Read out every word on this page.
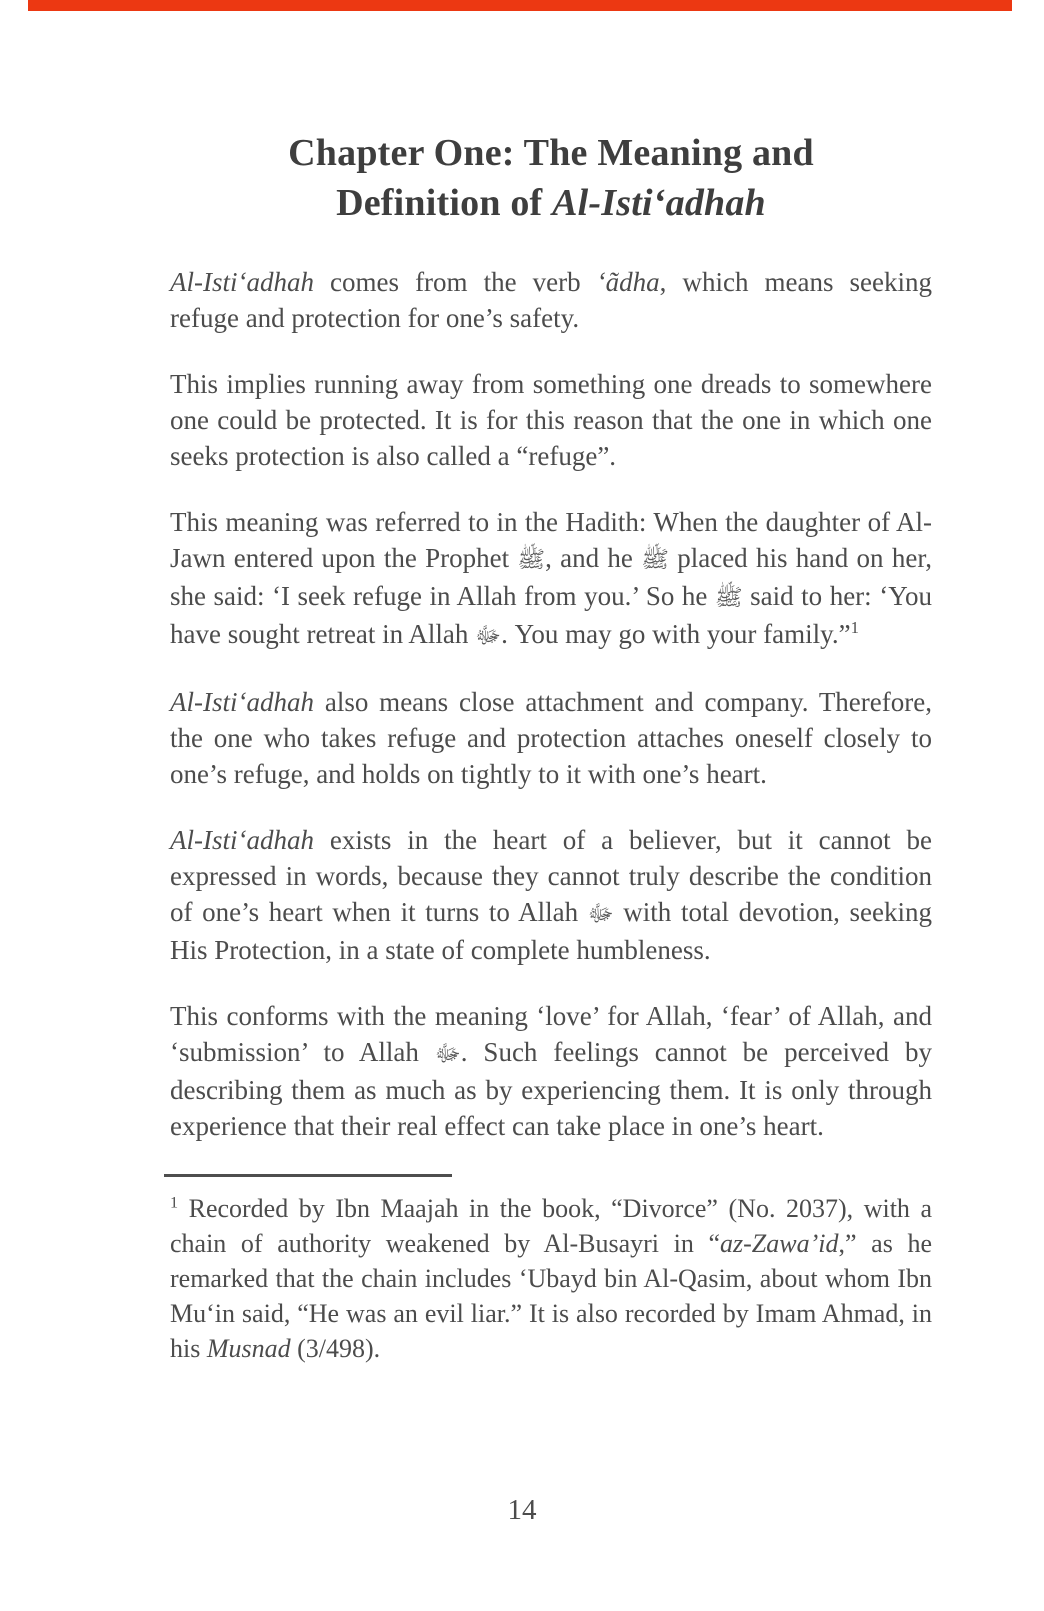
Chapter One: The Meaning and
Definition of Al-Isti‘adhah

Al-Isti‘adhah comes from the verb ‘ãdha, which means seeking refuge and protection for one’s safety.

This implies running away from something one dreads to somewhere one could be protected. It is for this reason that the one in which one seeks protection is also called a “refuge”.

This meaning was referred to in the Hadith: When the daughter of Al-Jawn entered upon the Prophet ﷺ, and he ﷺ placed his hand on her, she said: ‘I seek refuge in Allah from you.’ So he ﷺ said to her: ‘You have sought retreat in Allah ﷻ. You may go with your family.”$^1$

Al-Isti‘adhah also means close attachment and company. Therefore, the one who takes refuge and protection attaches oneself closely to one’s refuge, and holds on tightly to it with one’s heart.

Al-Isti‘adhah exists in the heart of a believer, but it cannot be expressed in words, because they cannot truly describe the condition of one’s heart when it turns to Allah ﷻ with total devotion, seeking His Protection, in a state of complete humbleness.

This conforms with the meaning ‘love’ for Allah, ‘fear’ of Allah, and ‘submission’ to Allah ﷻ. Such feelings cannot be perceived by describing them as much as by experiencing them. It is only through experience that their real effect can take place in one’s heart.

$^1$ Recorded by Ibn Maajah in the book, “Divorce” (No. 2037), with a chain of authority weakened by Al-Busayri in “az-Zawa’id,” as he remarked that the chain includes ‘Ubayd bin Al-Qasim, about whom Ibn Mu‘in said, “He was an evil liar.” It is also recorded by Imam Ahmad, in his Musnad (3/498).

14
